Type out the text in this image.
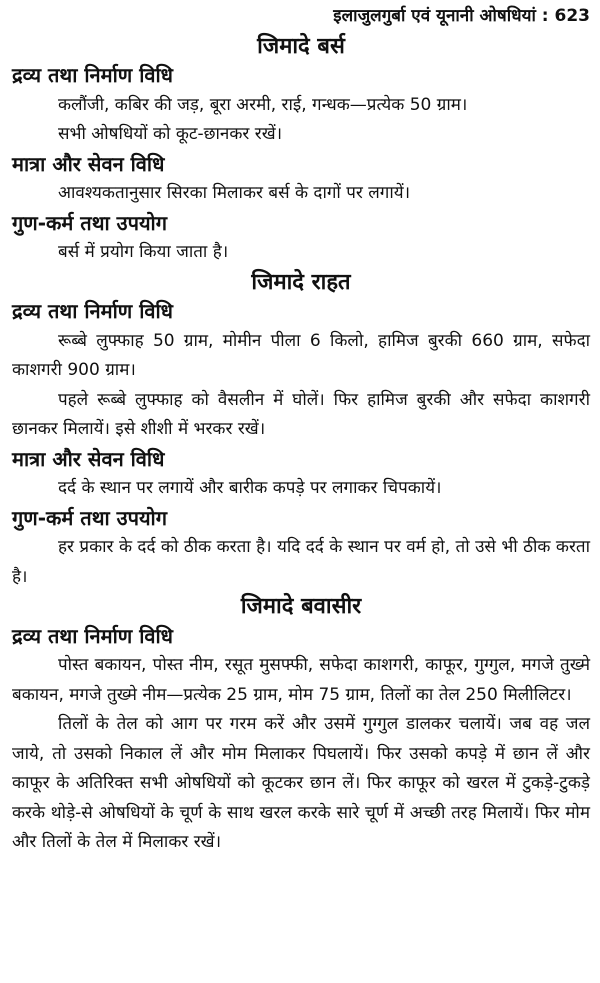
इलाजुलगुर्बा एवं यूनानी ओषधियां : 623
जिमादे बर्स
द्रव्य तथा निर्माण विधि

कलौंजी, कबिर की जड़, बूरा अरमी, राई, गन्धक—प्रत्येक 50 ग्राम।

सभी ओषधियों को कूट-छानकर रखें।

मात्रा और सेवन विधि

आवश्यकतानुसार सिरका मिलाकर बर्स के दागों पर लगायें।

गुण-कर्म तथा उपयोग

बर्स में प्रयोग किया जाता है।

जिमादे राहत
द्रव्य तथा निर्माण विधि

रूब्बे लुफ्फाह 50 ग्राम, मोमीन पीला 6 किलो, हामिज बुरकी 660 ग्राम, सफेदा काशगरी 900 ग्राम।

पहले रूब्बे लुफ्फाह को वैसलीन में घोलें। फिर हामिज बुरकी और सफेदा काशगरी छानकर मिलायें। इसे शीशी में भरकर रखें।

मात्रा और सेवन विधि

दर्द के स्थान पर लगायें और बारीक कपड़े पर लगाकर चिपकायें।

गुण-कर्म तथा उपयोग

हर प्रकार के दर्द को ठीक करता है। यदि दर्द के स्थान पर वर्म हो, तो उसे भी ठीक करता है।

जिमादे बवासीर
द्रव्य तथा निर्माण विधि

पोस्त बकायन, पोस्त नीम, रसूत मुसफ्फी, सफेदा काशगरी, काफूर, गुग्गुल, मगजे तुख्मे बकायन, मगजे तुख्मे नीम—प्रत्येक 25 ग्राम, मोम 75 ग्राम, तिलों का तेल 250 मिलीलिटर।

तिलों के तेल को आग पर गरम करें और उसमें गुग्गुल डालकर चलायें। जब वह जल जाये, तो उसको निकाल लें और मोम मिलाकर पिघलायें। फिर उसको कपड़े में छान लें और काफूर के अतिरिक्त सभी ओषधियों को कूटकर छान लें। फिर काफूर को खरल में टुकड़े-टुकड़े करके थोड़े-से ओषधियों के चूर्ण के साथ खरल करके सारे चूर्ण में अच्छी तरह मिलायें। फिर मोम और तिलों के तेल में मिलाकर रखें।
